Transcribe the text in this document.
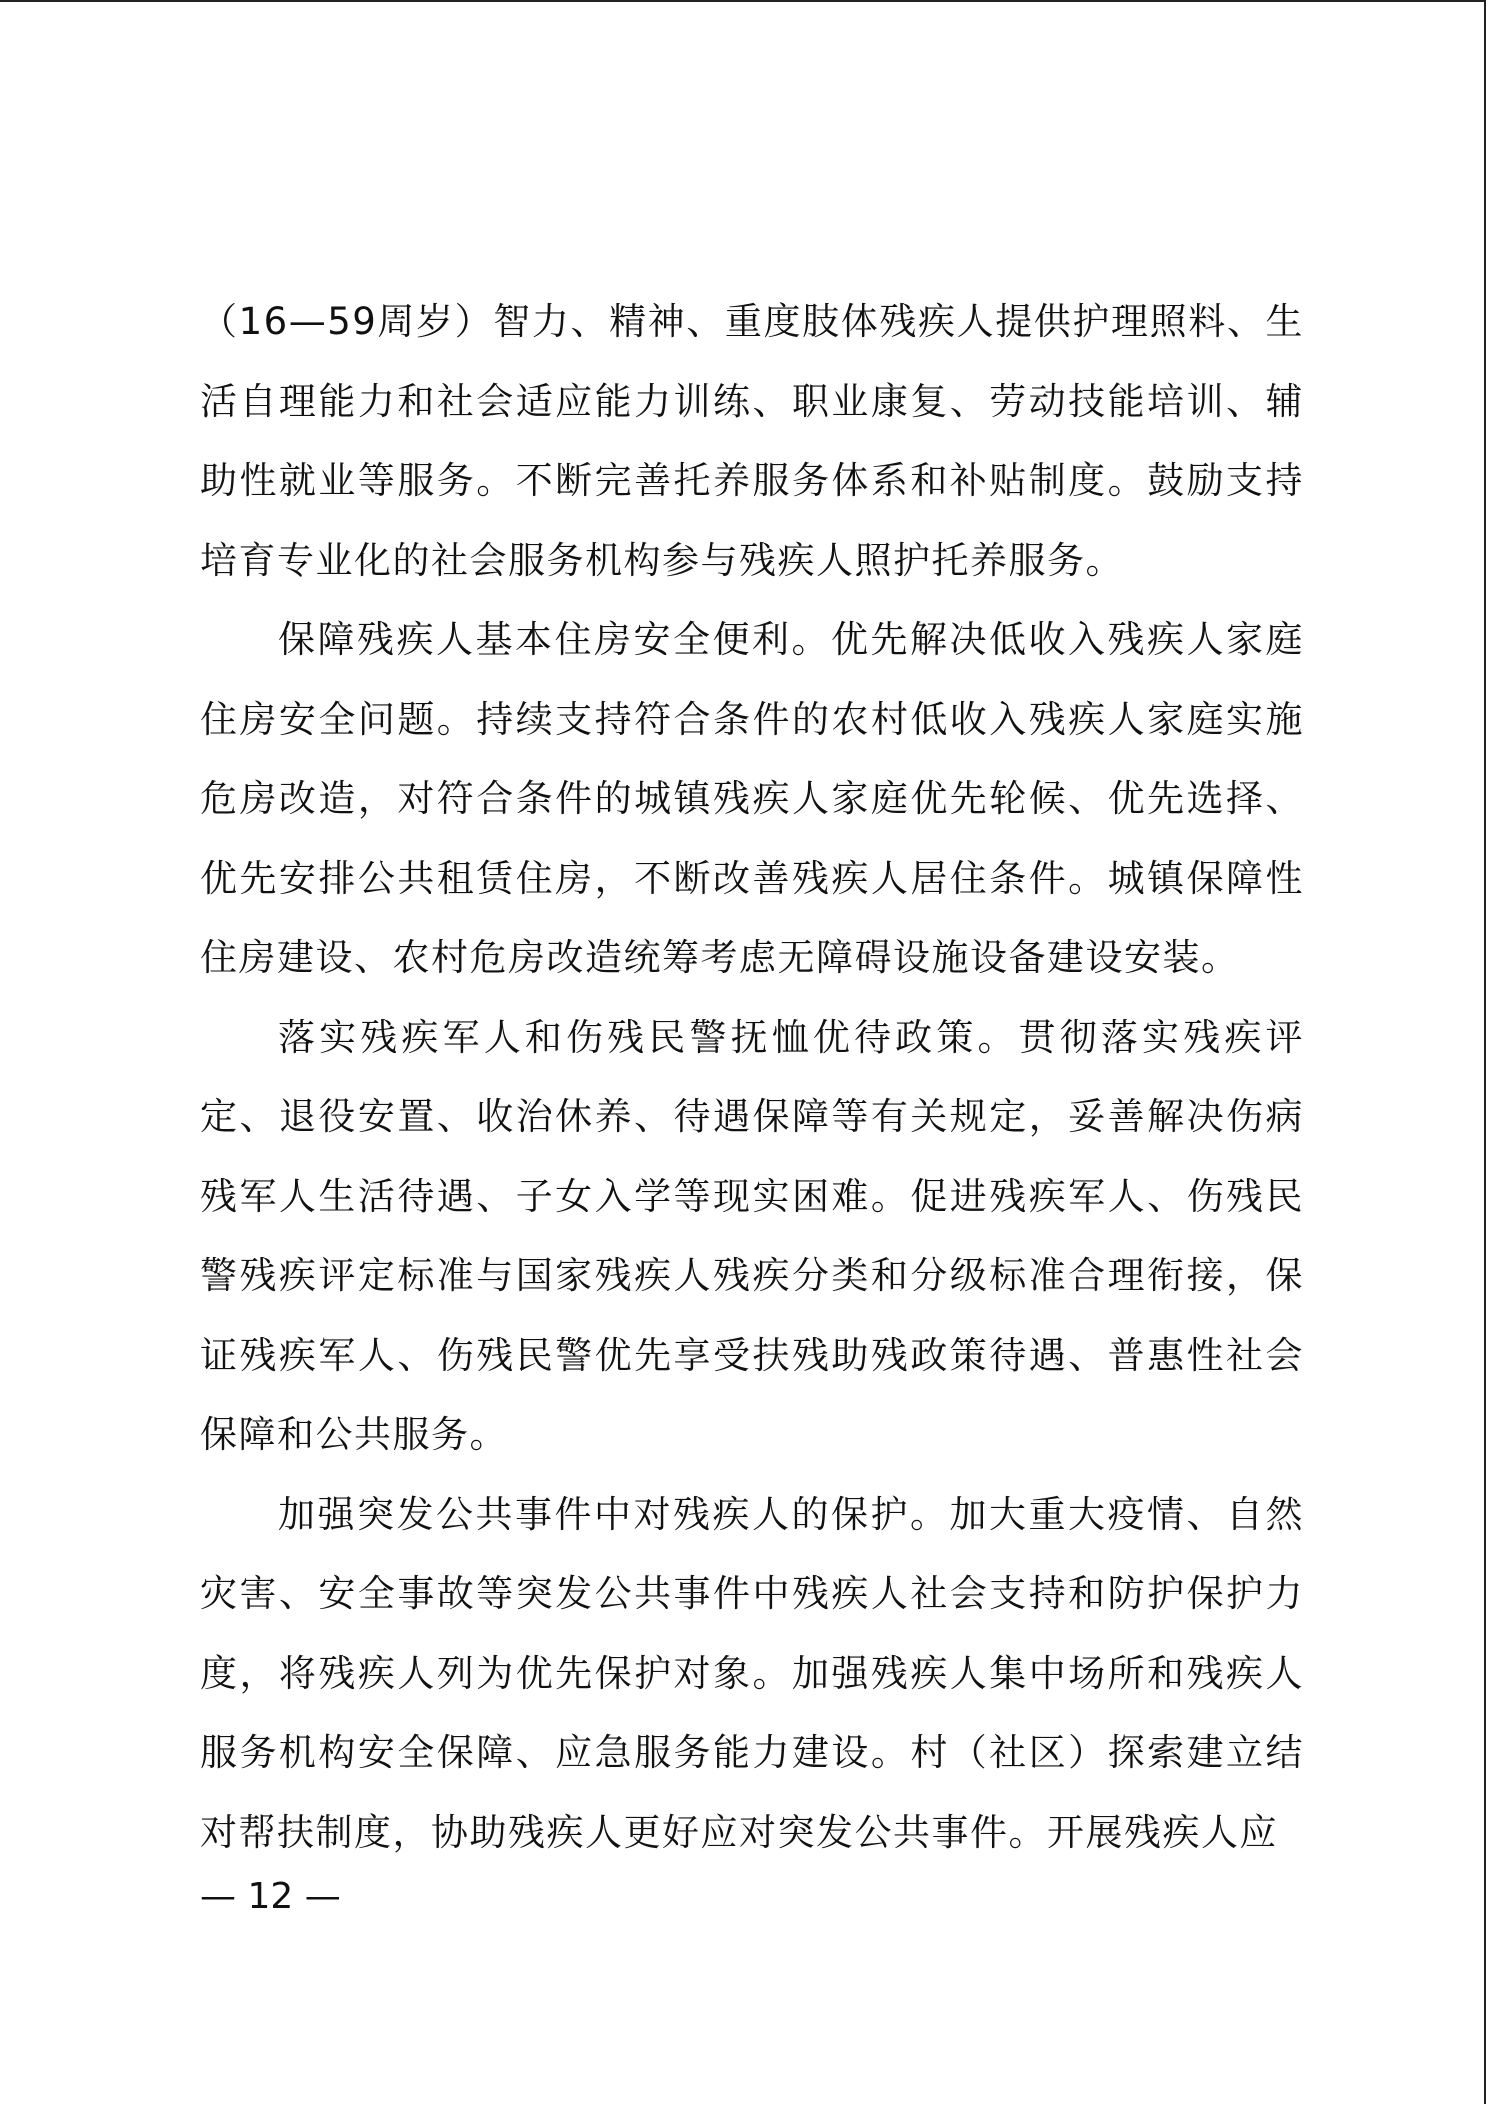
（16—59周岁）智力、精神、重度肢体残疾人提供护理照料、生活自理能力和社会适应能力训练、职业康复、劳动技能培训、辅助性就业等服务。不断完善托养服务体系和补贴制度。鼓励支持培育专业化的社会服务机构参与残疾人照护托养服务。

保障残疾人基本住房安全便利。优先解决低收入残疾人家庭住房安全问题。持续支持符合条件的农村低收入残疾人家庭实施危房改造，对符合条件的城镇残疾人家庭优先轮候、优先选择、优先安排公共租赁住房，不断改善残疾人居住条件。城镇保障性住房建设、农村危房改造统筹考虑无障碍设施设备建设安装。

落实残疾军人和伤残民警抚恤优待政策。贯彻落实残疾评定、退役安置、收治休养、待遇保障等有关规定，妥善解决伤病残军人生活待遇、子女入学等现实困难。促进残疾军人、伤残民警残疾评定标准与国家残疾人残疾分类和分级标准合理衔接，保证残疾军人、伤残民警优先享受扶残助残政策待遇、普惠性社会保障和公共服务。

加强突发公共事件中对残疾人的保护。加大重大疫情、自然灾害、安全事故等突发公共事件中残疾人社会支持和防护保护力度，将残疾人列为优先保护对象。加强残疾人集中场所和残疾人服务机构安全保障、应急服务能力建设。村（社区）探索建立结对帮扶制度，协助残疾人更好应对突发公共事件。开展残疾人应

— 12 —
